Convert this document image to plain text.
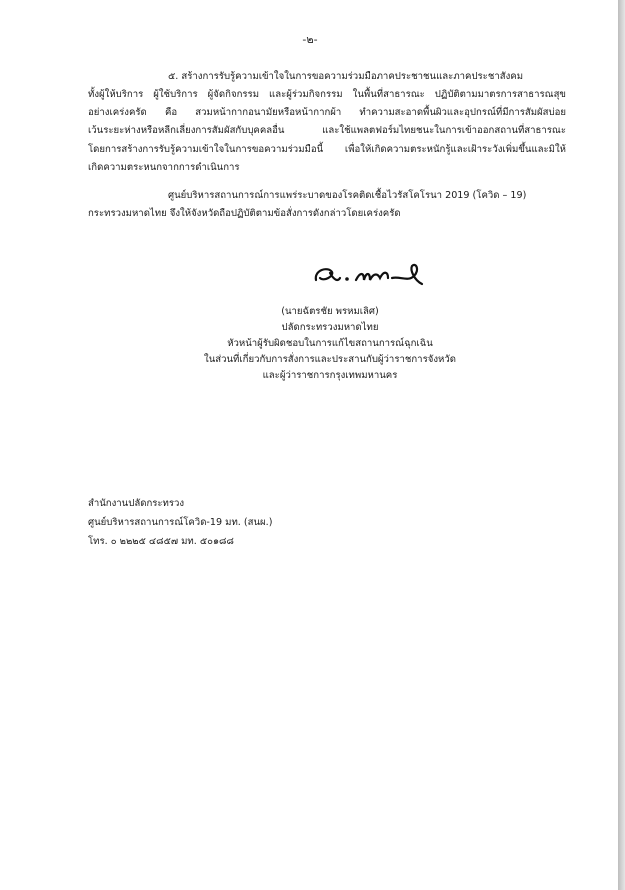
-๒-
๕. สร้างการรับรู้ความเข้าใจในการขอความร่วมมือภาคประชาชนและภาคประชาสังคม
ทั้งผู้ให้บริการ ผู้ใช้บริการ ผู้จัดกิจกรรม และผู้ร่วมกิจกรรม ในพื้นที่สาธารณะ ปฏิบัติตามมาตรการสาธารณสุข
อย่างเคร่งครัด คือ สวมหน้ากากอนามัยหรือหน้ากากผ้า ทำความสะอาดพื้นผิวและอุปกรณ์ที่มีการสัมผัสบ่อย
เว้นระยะห่างหรือหลีกเลี่ยงการสัมผัสกับบุคคลอื่น และใช้แพลตฟอร์มไทยชนะในการเข้าออกสถานที่สาธารณะ
โดยการสร้างการรับรู้ความเข้าใจในการขอความร่วมมือนี้ เพื่อให้เกิดความตระหนักรู้และเฝ้าระวังเพิ่มขึ้นและมิให้
เกิดความตระหนกจากการดำเนินการ
ศูนย์บริหารสถานการณ์การแพร่ระบาดของโรคติดเชื้อไวรัสโคโรนา 2019 (โควิด – 19)
กระทรวงมหาดไทย จึงให้จังหวัดถือปฏิบัติตามข้อสั่งการดังกล่าวโดยเคร่งครัด
(นายฉัตรชัย พรหมเลิศ)
ปลัดกระทรวงมหาดไทย
หัวหน้าผู้รับผิดชอบในการแก้ไขสถานการณ์ฉุกเฉิน
ในส่วนที่เกี่ยวกับการสั่งการและประสานกับผู้ว่าราชการจังหวัด
และผู้ว่าราชการกรุงเทพมหานคร
สำนักงานปลัดกระทรวง
ศูนย์บริหารสถานการณ์โควิด-19 มท. (สนผ.)
โทร. ๐ ๒๒๒๕ ๔๘๕๗ มท. ๕๐๑๘๘
